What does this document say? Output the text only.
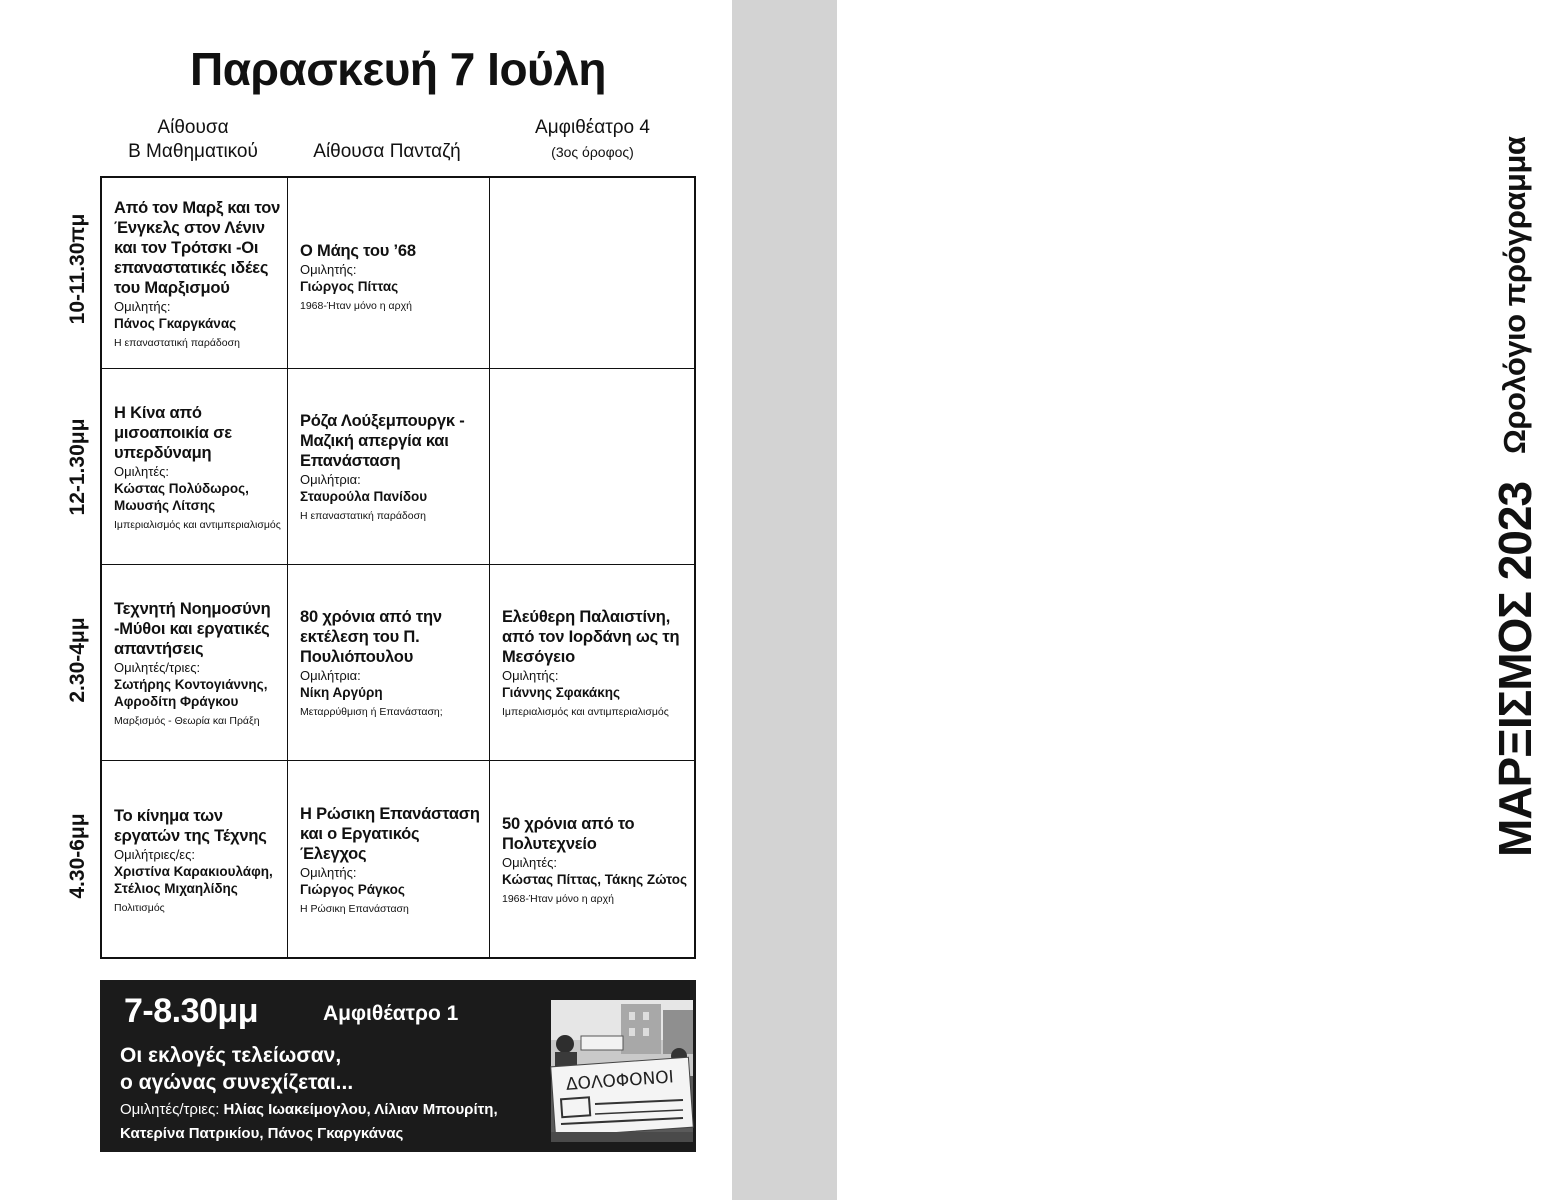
ΜΑΡΞΙΣΜΟΣ 2023
Ωρολόγιο πρόγραμμα
Παρασκευή 7 Ιούλη
Αίθουσα
Β Μαθηματικού	Αίθουσα Πανταζή
Αμφιθέατρο 4
(3ος όροφος)
10-11.30πμ
12-1.30μμ
2.30-4μμ
4.30-6μμ
Από τον Μαρξ και τον Ένγκελς στον Λένιν και τον Τρότσκι -Οι επαναστατικές ιδέες του Μαρξισμού
Ομιλητής:
Πάνος Γκαργκάνας
Η επαναστατική παράδοση
Ο Μάης του ’68
Ομιλητής:
Γιώργος Πίττας
1968-Ήταν μόνο η αρχή
Η Κίνα από μισοαποικία σε υπερδύναμη
Ομιλητές:
Κώστας Πολύδωρος, Μωυσής Λίτσης
Ιμπεριαλισμός και αντιμπεριαλισμός
Ρόζα Λούξεμπουργκ - Μαζική απεργία και Επανάσταση
Ομιλήτρια:
Σταυρούλα Πανίδου
Η επαναστατική παράδοση
Τεχνητή Νοημοσύνη -Μύθοι και εργατικές απαντήσεις
Ομιλητές/τριες:
Σωτήρης Κοντογιάννης, Αφροδίτη Φράγκου
Μαρξισμός - Θεωρία και Πράξη
80 χρόνια από την εκτέλεση του Π. Πουλιόπουλου
Ομιλήτρια:
Νίκη Αργύρη
Μεταρρύθμιση ή Επανάσταση;
Ελεύθερη Παλαιστίνη, από τον Ιορδάνη ως τη Μεσόγειο
Ομιλητής:
Γιάννης Σφακάκης
Ιμπεριαλισμός και αντιμπεριαλισμός
Το κίνημα των εργατών της Τέχνης
Ομιλήτριες/ες:
Χριστίνα Καρακιουλάφη, Στέλιος Μιχαηλίδης
Πολιτισμός
Η Ρώσικη Επανάσταση και ο Εργατικός Έλεγχος
Ομιλητής:
Γιώργος Ράγκος
Η Ρώσικη Επανάσταση
50 χρόνια από το Πολυτεχνείο
Ομιλητές:
Κώστας Πίττας, Τάκης Ζώτος
1968-Ήταν μόνο η αρχή
7-8.30μμ	Αμφιθέατρο 1
Οι εκλογές τελείωσαν,
ο αγώνας συνεχίζεται...
Ομιλητές/τριες: Ηλίας Ιωακείμογλου, Λίλιαν Μπουρίτη, Κατερίνα Πατρικίου, Πάνος Γκαργκάνας
ΔΟΛΟΦΟΝΟΙ
